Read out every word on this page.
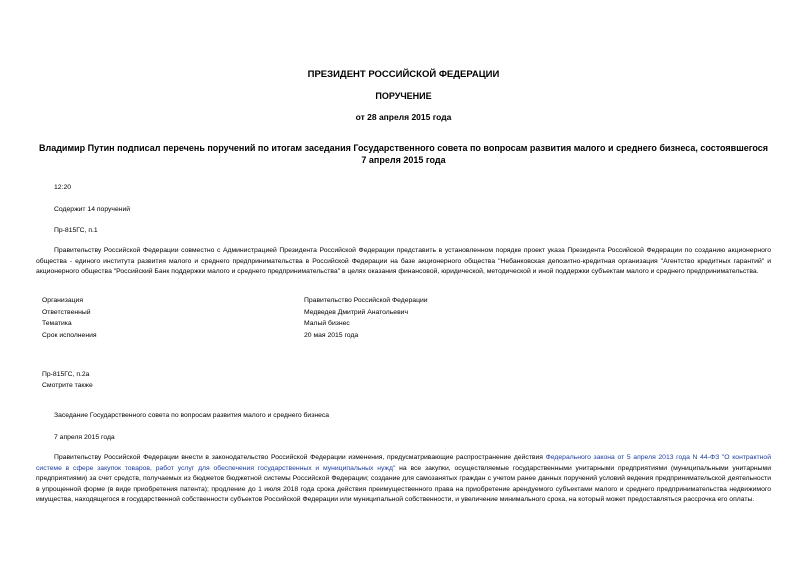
ПРЕЗИДЕНТ РОССИЙСКОЙ ФЕДЕРАЦИИ
ПОРУЧЕНИЕ
от 28 апреля 2015 года
Владимир Путин подписал перечень поручений по итогам заседания Государственного совета по вопросам развития малого и среднего бизнеса, состоявшегося 7 апреля 2015 года
12:20
Содержит 14 поручений
Пр-815ГС, п.1
Правительству Российской Федерации совместно с Администрацией Президента Российской Федерации представить в установленном порядке проект указа Президента Российской Федерации по созданию акционерного общества - единого института развития малого и среднего предпринимательства в Российской Федерации на базе акционерного общества "Небанковская депозитно-кредитная организация "Агентство кредитных гарантий" и акционерного общества "Российский Банк поддержки малого и среднего предпринимательства" в целях оказания финансовой, юридической, методической и иной поддержки субъектам малого и среднего предпринимательства.
Организация	Правительство Российской Федерации
Ответственный	Медведев Дмитрий Анатольевич
Тематика	Малый бизнес
Срок исполнения	20 мая 2015 года
Пр-815ГС, п.2а
Смотрите также
Заседание Государственного совета по вопросам развития малого и среднего бизнеса
7 апреля 2015 года
Правительству Российской Федерации внести в законодательство Российской Федерации изменения, предусматривающие распространение действия Федерального закона от 5 апреля 2013 года N 44-ФЗ "О контрактной системе в сфере закупок товаров, работ услуг для обеспечения государственных и муниципальных нужд" на все закупки, осуществляемые государственными унитарными предприятиями (муниципальными унитарными предприятиями) за счет средств, получаемых из бюджетов бюджетной системы Российской Федерации; создание для самозанятых граждан с учетом ранее данных поручений условий ведения предпринимательской деятельности в упрощенной форме (в виде приобретения патента); продление до 1 июля 2018 года срока действия преимущественного права на приобретение арендуемого субъектами малого и среднего предпринимательства недвижимого имущества, находящегося в государственной собственности субъектов Российской Федерации или муниципальной собственности, и увеличение минимального срока, на который может предоставляться рассрочка его оплаты.
